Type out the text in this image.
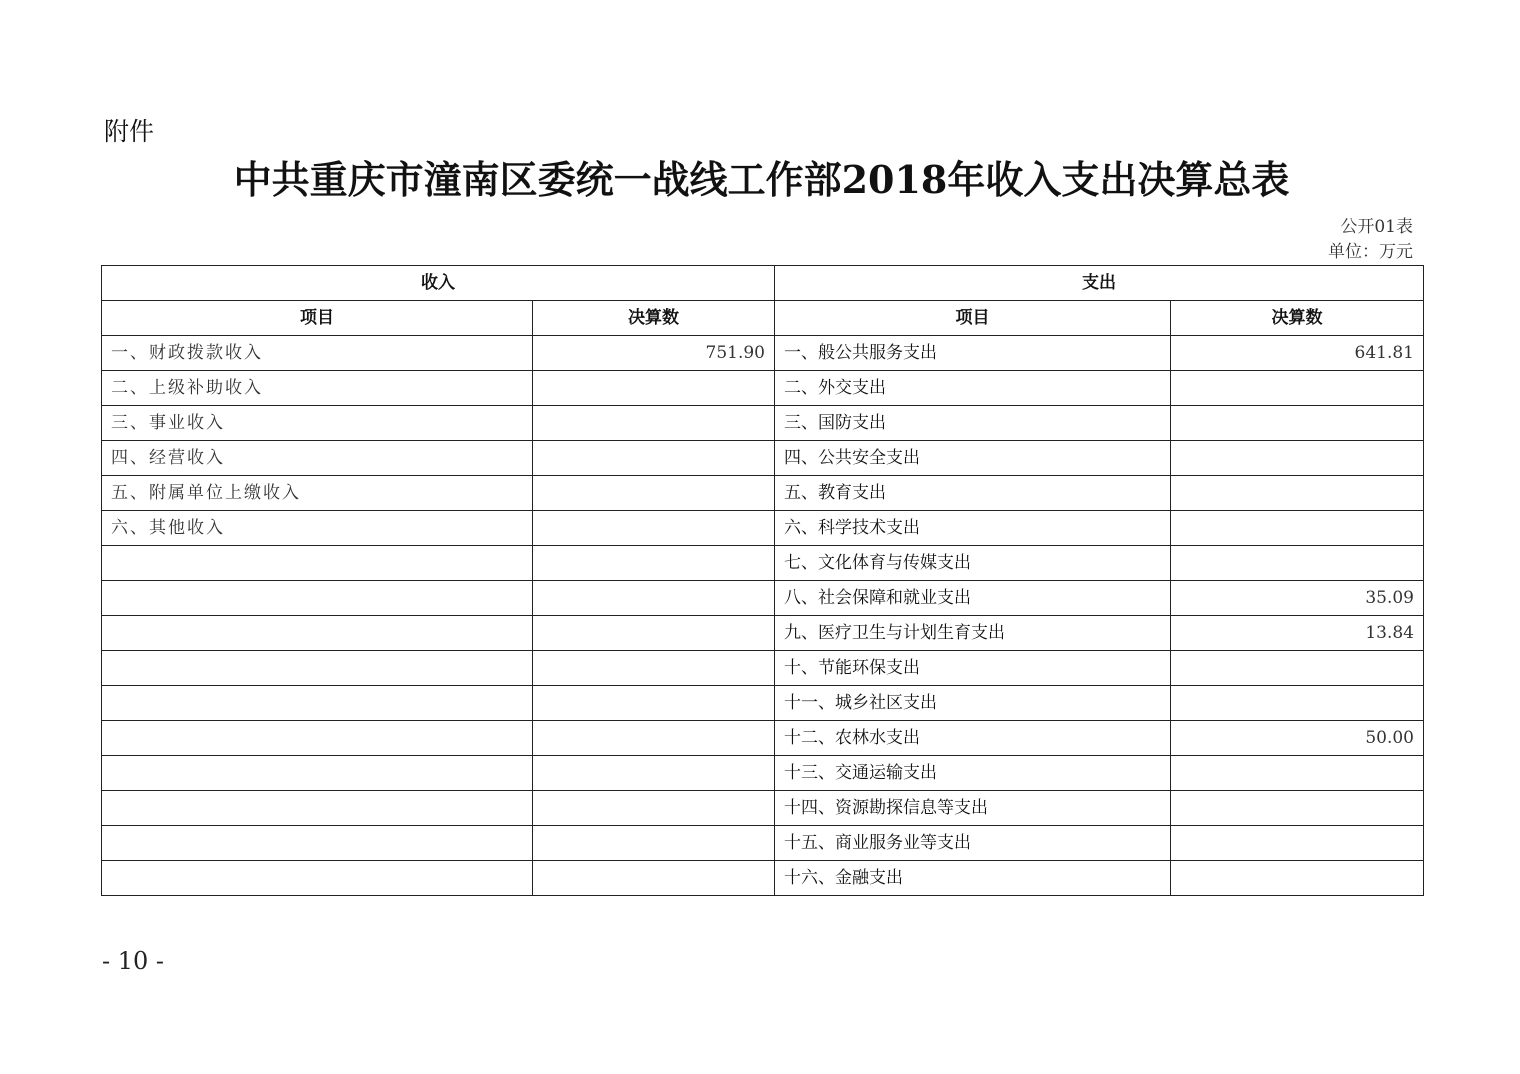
附件
中共重庆市潼南区委统一战线工作部2018年收入支出决算总表
公开01表
单位：万元
收入		支出	
项目	决算数	项目	决算数
一、财政拨款收入	751.90	一、般公共服务支出	641.81
二、上级补助收入		二、外交支出	
三、事业收入		三、国防支出	
四、经营收入		四、公共安全支出	
五、附属单位上缴收入		五、教育支出	
六、其他收入		六、科学技术支出	
		七、文化体育与传媒支出	
		八、社会保障和就业支出	35.09
		九、医疗卫生与计划生育支出	13.84
		十、节能环保支出	
		十一、城乡社区支出	
		十二、农林水支出	50.00
		十三、交通运输支出	
		十四、资源勘探信息等支出	
		十五、商业服务业等支出	
		十六、金融支出	
- 10 -
